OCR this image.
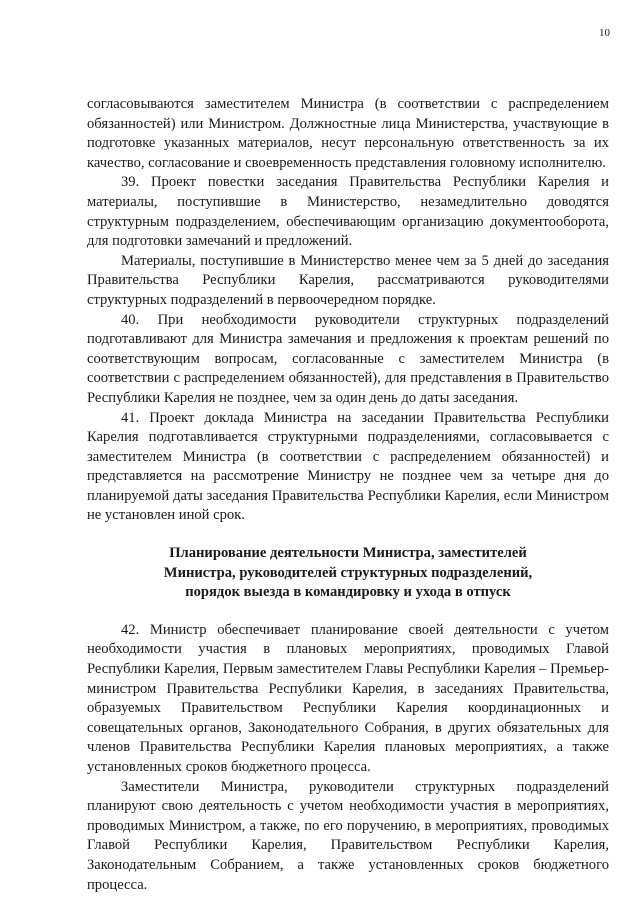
10

согласовываются заместителем Министра (в соответствии с распределением обязанностей) или Министром. Должностные лица Министерства, участвующие в подготовке указанных материалов, несут персональную ответственность за их качество, согласование и своевременность представления головному исполнителю.

39. Проект повестки заседания Правительства Республики Карелия и материалы, поступившие в Министерство, незамедлительно доводятся структурным подразделением, обеспечивающим организацию документооборота, для подготовки замечаний и предложений.

Материалы, поступившие в Министерство менее чем за 5 дней до заседания Правительства Республики Карелия, рассматриваются руководителями структурных подразделений в первоочередном порядке.

40. При необходимости руководители структурных подразделений подготавливают для Министра замечания и предложения к проектам решений по соответствующим вопросам, согласованные с заместителем Министра (в соответствии с распределением обязанностей), для представления в Правительство Республики Карелия не позднее, чем за один день до даты заседания.

41. Проект доклада Министра на заседании Правительства Республики Карелия подготавливается структурными подразделениями, согласовывается с заместителем Министра (в соответствии с распределением обязанностей) и представляется на рассмотрение Министру не позднее чем за четыре дня до планируемой даты заседания Правительства Республики Карелия, если Министром не установлен иной срок.

Планирование деятельности Министра, заместителей
Министра, руководителей структурных подразделений,
порядок выезда в командировку и ухода в отпуск

42. Министр обеспечивает планирование своей деятельности с учетом необходимости участия в плановых мероприятиях, проводимых Главой Республики Карелия, Первым заместителем Главы Республики Карелия – Премьер-министром Правительства Республики Карелия, в заседаниях Правительства, образуемых Правительством Республики Карелия координационных и совещательных органов, Законодательного Собрания, в других обязательных для членов Правительства Республики Карелия плановых мероприятиях, а также установленных сроков бюджетного процесса.

Заместители Министра, руководители структурных подразделений планируют свою деятельность с учетом необходимости участия в мероприятиях, проводимых Министром, а также, по его поручению, в мероприятиях, проводимых Главой Республики Карелия, Правительством Республики Карелия, Законодательным Собранием, а также установленных сроков бюджетного процесса.
